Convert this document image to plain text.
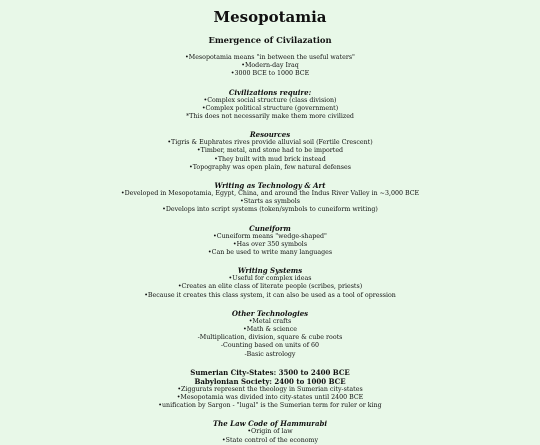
Mesopotamia
Emergence of Civilazation
•Mesopotamia means "in between the useful waters"
•Modern-day Iraq
•3000 BCE to 1000 BCE
Civilizations require:
•Complex social structure (class division)
•Complex political structure (government)
*This does not necessarily make them more civilized
Resources
•Tigris & Euphrates rives provide alluvial soil (Fertile Crescent)
•Timber, metal, and stone had to be imported
•They built with mud brick instead
•Topography was open plain, few natural defenses
Writing as Technology & Art
•Developed in Mesopotamia, Egypt, China, and around the Indus River Valley in ~3,000 BCE
•Starts as symbols
•Develops into script systems (token/symbols to cuneiform writing)
Cuneiform
•Cuneiform means "wedge-shaped"
•Has over 350 symbols
•Can be used to write many languages
Writing Systems
•Useful for complex ideas
•Creates an elite class of literate people (scribes, priests)
•Because it creates this class system, it can also be used as a tool of opression
Other Technologies
•Metal crafts
•Math & science
-Multiplication, division, square & cube roots
-Counting based on units of 60
-Basic astrology
Sumerian City-States: 3500 to 2400 BCE
Babylonian Society: 2400 to 1000 BCE
•Ziggurats represent the theology in Sumerian city-states
•Mesopotamia was divided into city-states until 2400 BCE
•unification by Sargon - "lugal" is the Sumerian term for ruler or king
The Law Code of Hammurabi
•Origin of law
•State control of the economy
